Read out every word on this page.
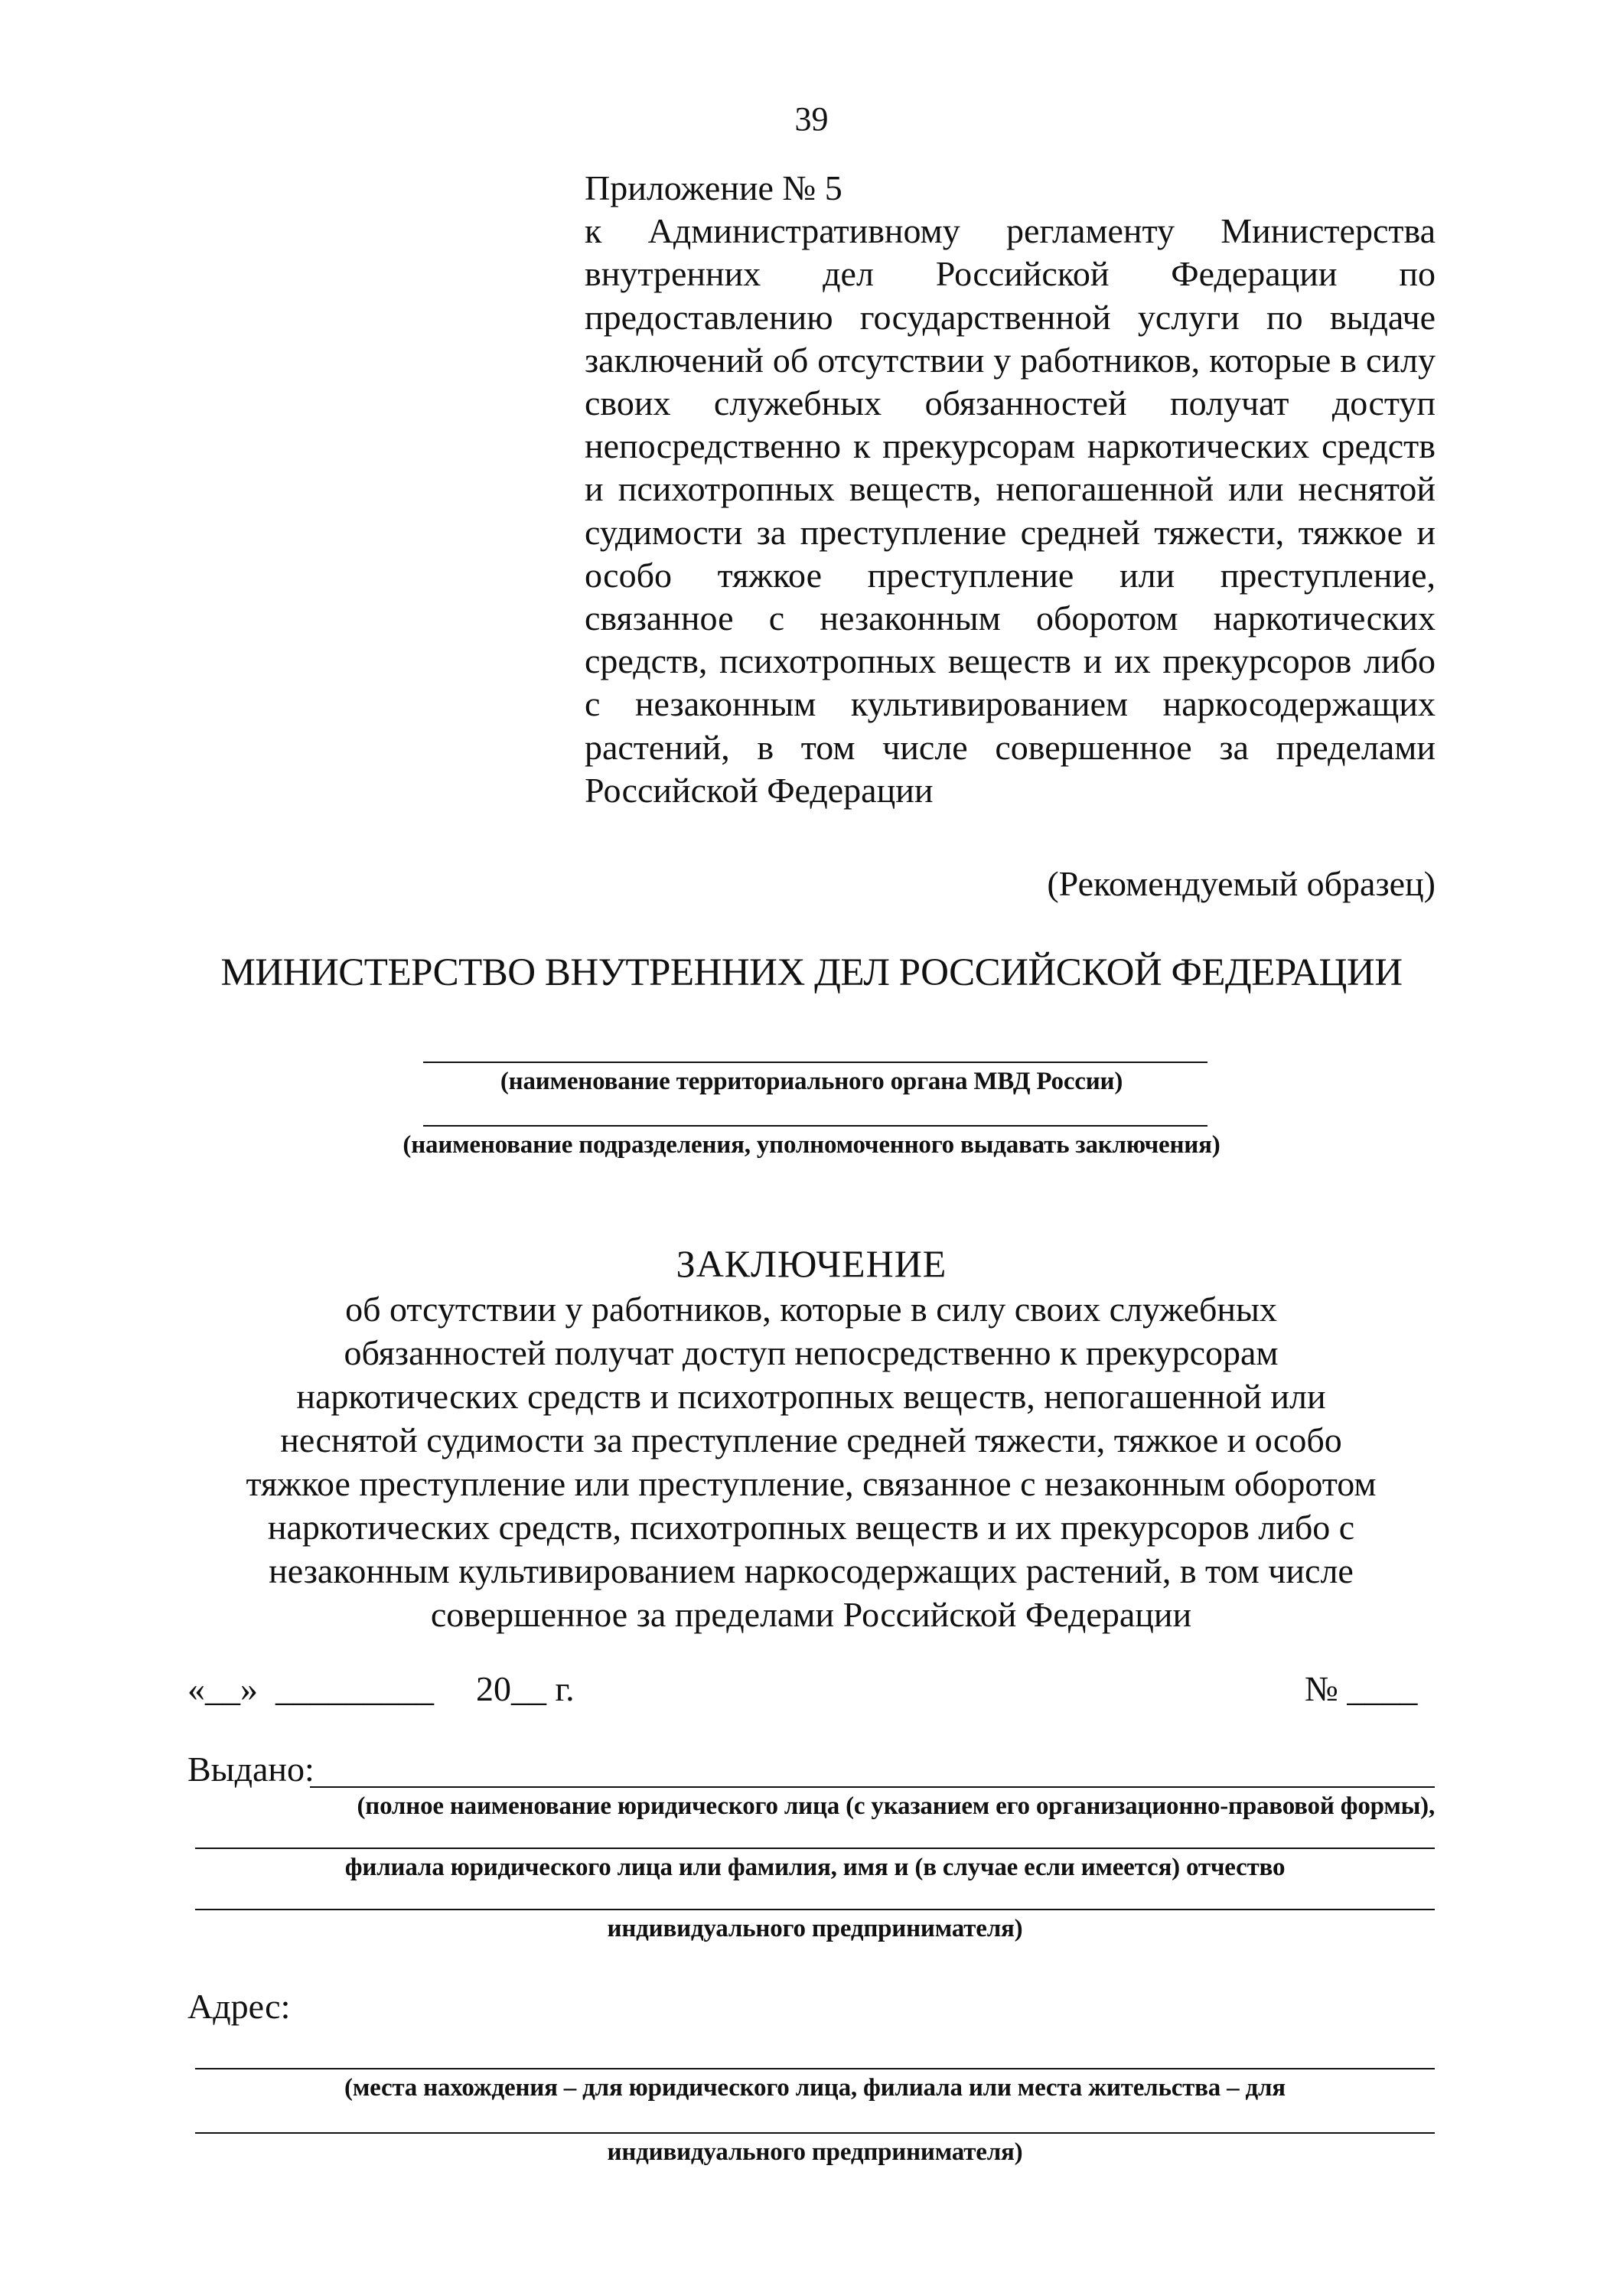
39
Приложение № 5
к Административному регламенту Министерства внутренних дел Российской Федерации по предоставлению государственной услуги по выдаче заключений об отсутствии у работников, которые в силу своих служебных обязанностей получат доступ непосредственно к прекурсорам наркотических средств и психотропных веществ, непогашенной или неснятой судимости за преступление средней тяжести, тяжкое и особо тяжкое преступление или преступление, связанное с незаконным оборотом наркотических средств, психотропных веществ и их прекурсоров либо с незаконным культивированием наркосодержащих растений, в том числе совершенное за пределами Российской Федерации
(Рекомендуемый образец)
МИНИСТЕРСТВО ВНУТРЕННИХ ДЕЛ РОССИЙСКОЙ ФЕДЕРАЦИИ
(наименование территориального органа МВД России)
(наименование подразделения, уполномоченного выдавать заключения)
ЗАКЛЮЧЕНИЕ
об отсутствии у работников, которые в силу своих служебных
обязанностей получат доступ непосредственно к прекурсорам
наркотических средств и психотропных веществ, непогашенной или
неснятой судимости за преступление средней тяжести, тяжкое и особо
тяжкое преступление или преступление, связанное с незаконным оборотом
наркотических средств, психотропных веществ и их прекурсоров либо с
незаконным культивированием наркосодержащих растений, в том числе
совершенное за пределами Российской Федерации
«__» _________ 20__ г.	№ ____
Выдано:
(полное наименование юридического лица (с указанием его организационно-правовой формы),
филиала юридического лица или фамилия, имя и (в случае если имеется) отчество
индивидуального предпринимателя)
Адрес:
(места нахождения – для юридического лица, филиала или места жительства – для
индивидуального предпринимателя)
